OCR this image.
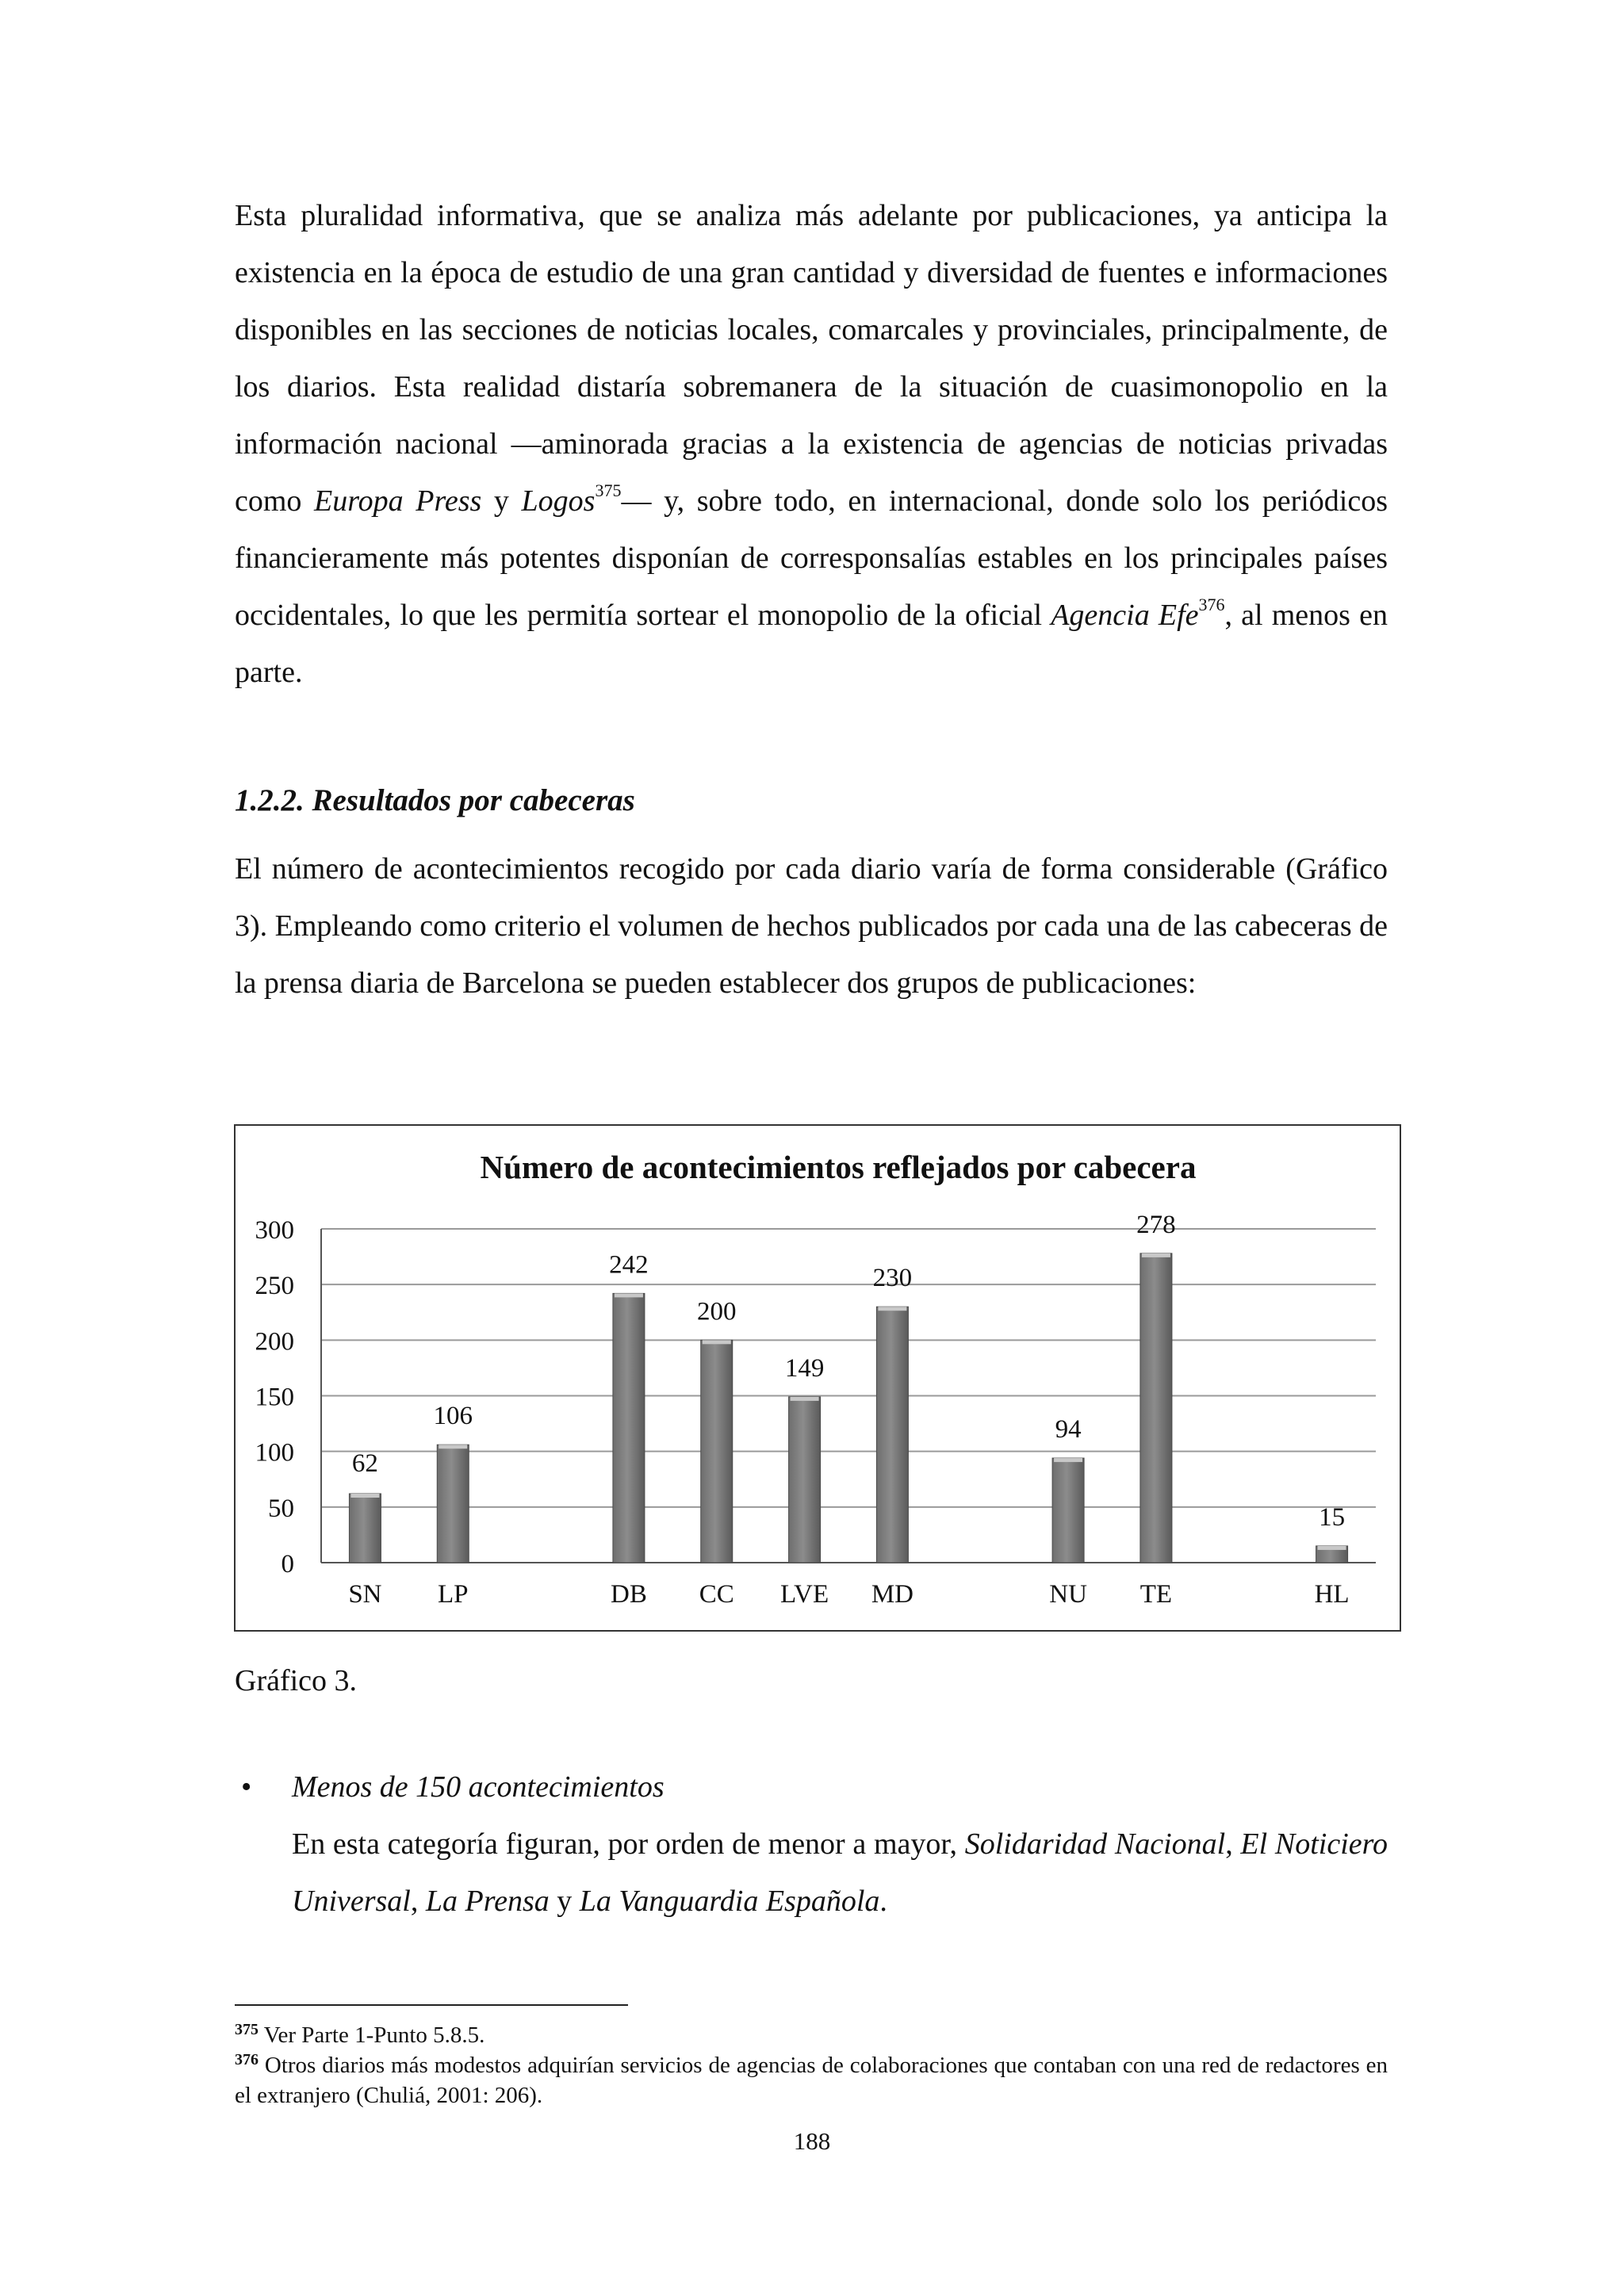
Esta pluralidad informativa, que se analiza más adelante por publicaciones, ya anticipa la existencia en la época de estudio de una gran cantidad y diversidad de fuentes e informaciones disponibles en las secciones de noticias locales, comarcales y provinciales, principalmente, de los diarios. Esta realidad distaría sobremanera de la situación de cuasimonopolio en la información nacional —aminorada gracias a la existencia de agencias de noticias privadas como Europa Press y Logos$^{375}$— y, sobre todo, en internacional, donde solo los periódicos financieramente más potentes disponían de corresponsalías estables en los principales países occidentales, lo que les permitía sortear el monopolio de la oficial Agencia Efe$^{376}$, al menos en parte.

1.2.2. Resultados por cabeceras

El número de acontecimientos recogido por cada diario varía de forma considerable (Gráfico 3). Empleando como criterio el volumen de hechos publicados por cada una de las cabeceras de la prensa diaria de Barcelona se pueden establecer dos grupos de publicaciones:

Número de acontecimientos reflejados por cabecera
62
106
242
200
149
230
94
278
15
0
50
100
150
200
250
300
SN LP	DB CC LVE MD	NU TE	HL

Gráfico 3.

• Menos de 150 acontecimientos

En esta categoría figuran, por orden de menor a mayor, Solidaridad Nacional, El Noticiero Universal, La Prensa y La Vanguardia Española.

$^{375}$ Ver Parte 1-Punto 5.8.5.

$^{376}$ Otros diarios más modestos adquirían servicios de agencias de colaboraciones que contaban con una red de redactores en el extranjero (Chuliá, 2001: 206).

188
